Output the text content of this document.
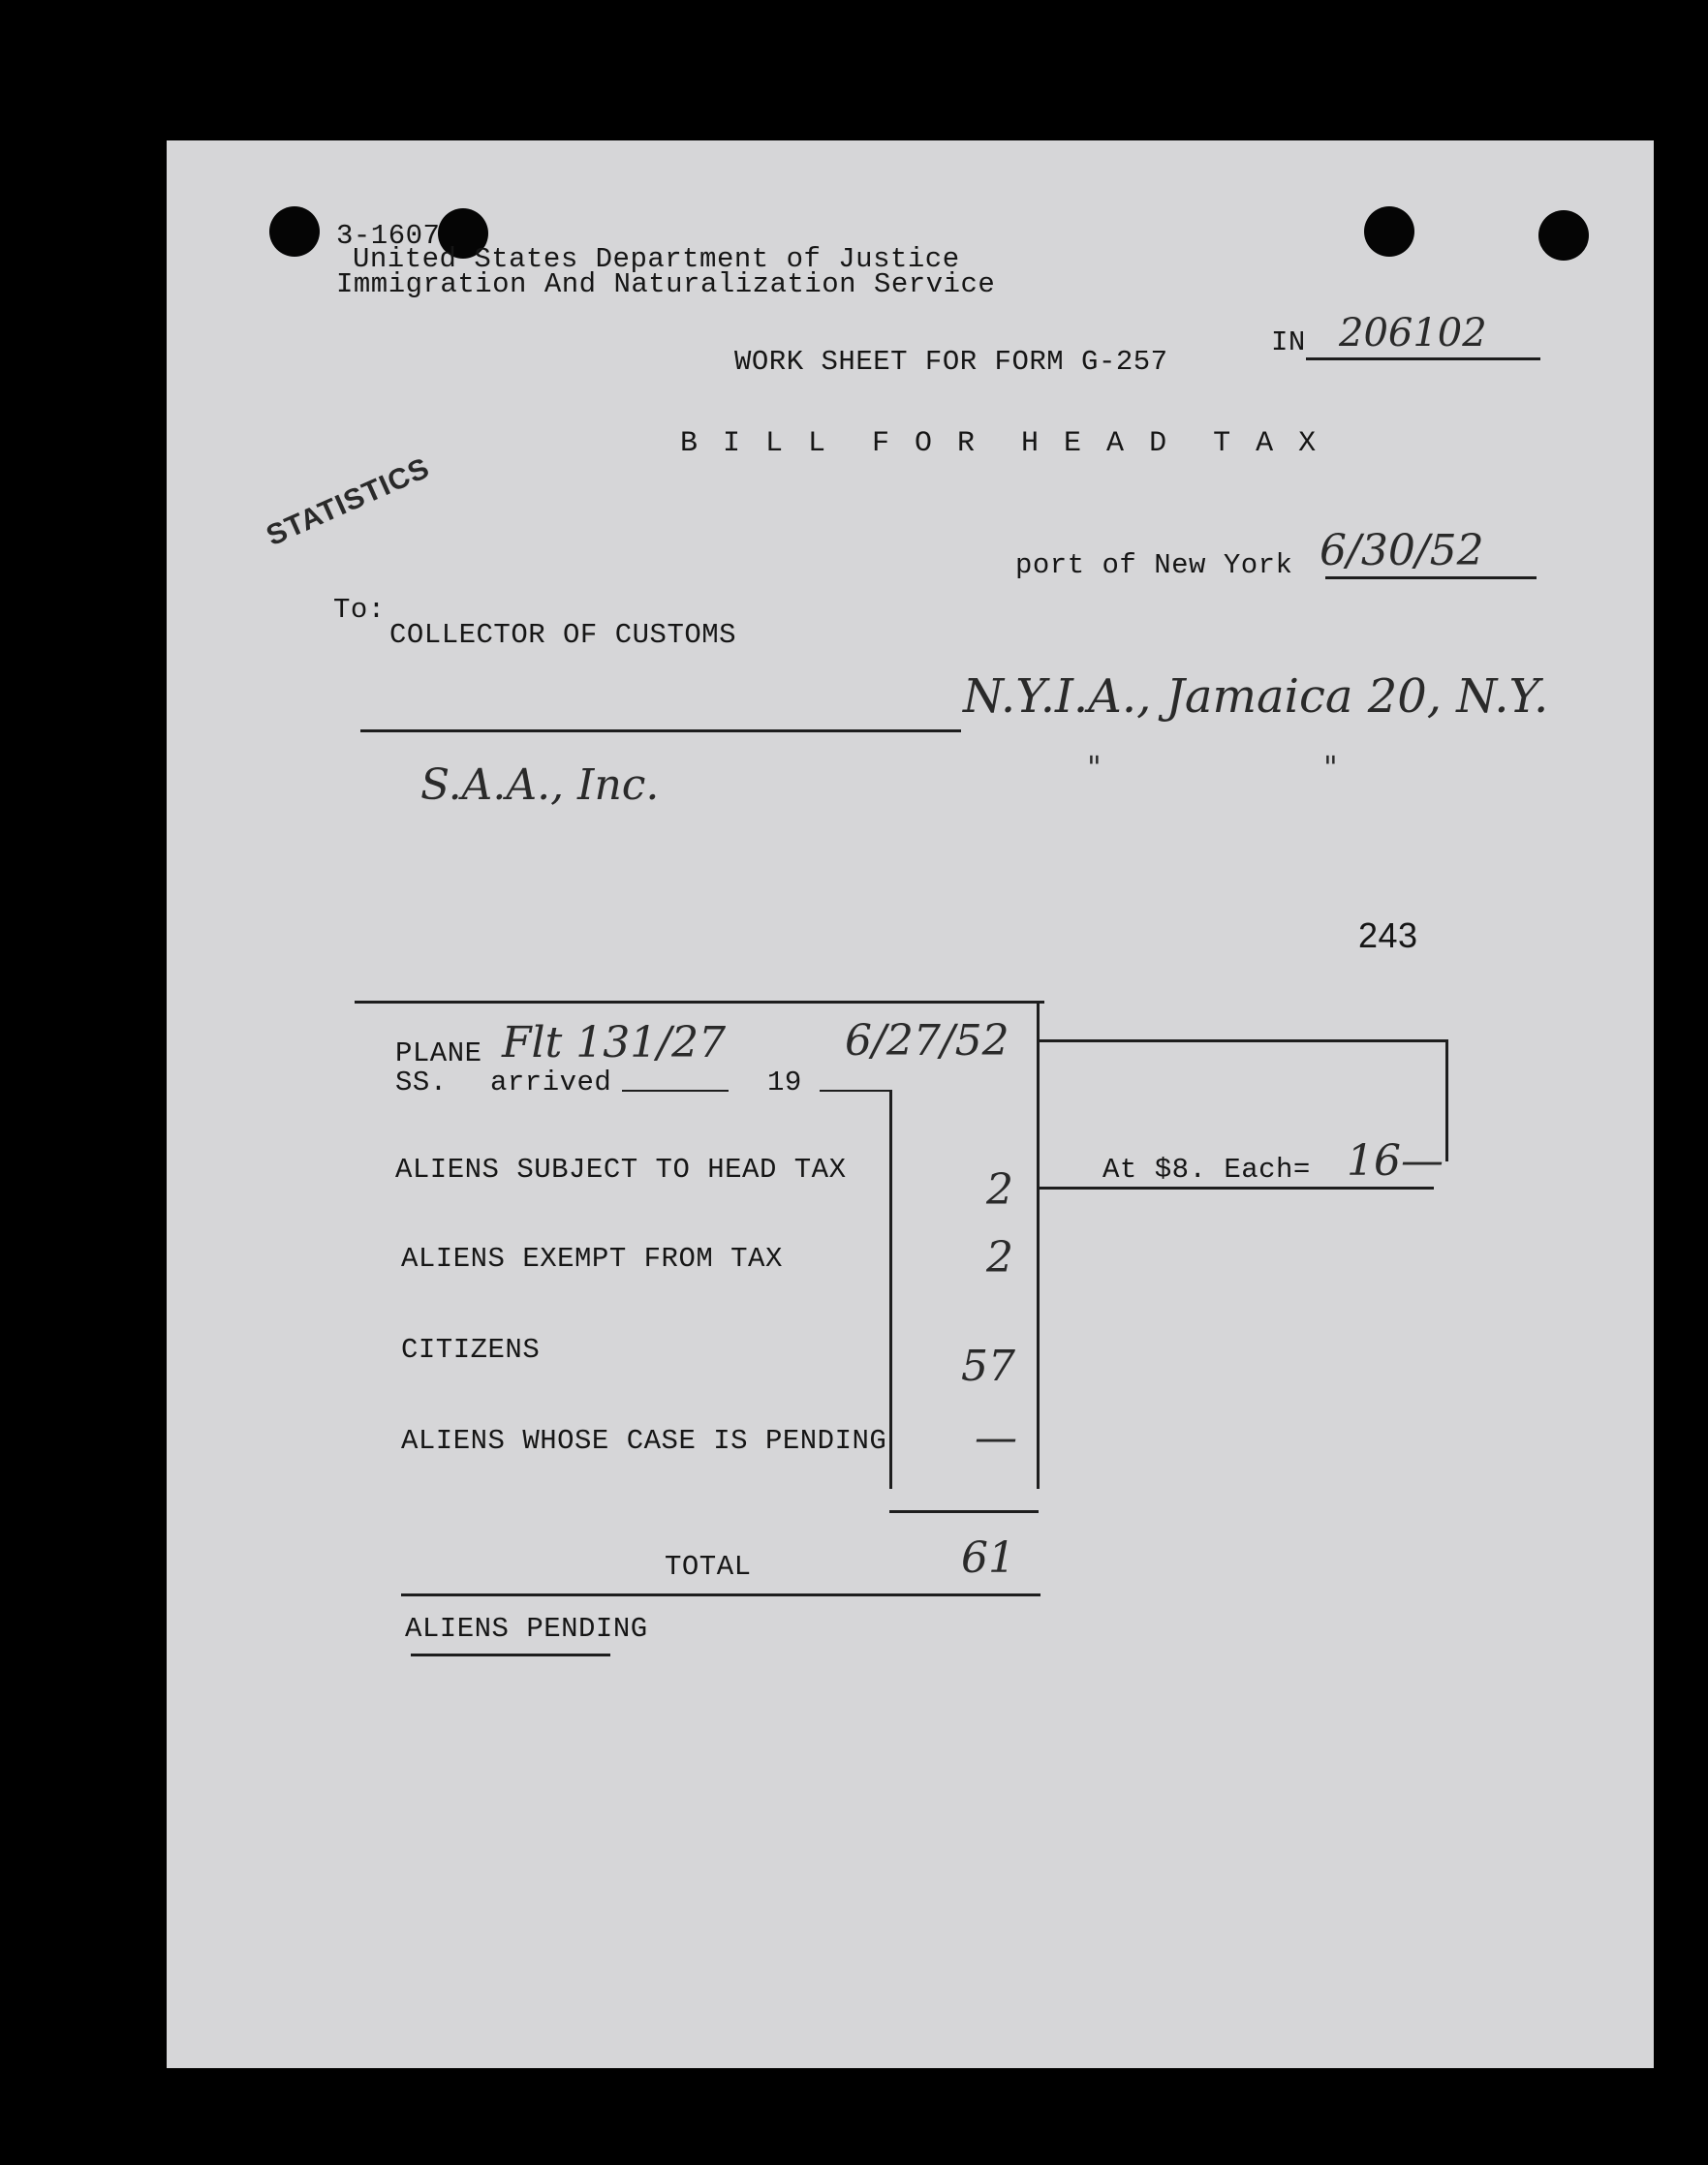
3-1607
United States Department of Justice
Immigration And Naturalization Service
WORK SHEET FOR FORM G-257
IN 206102
B I L L  F O R  H E A D  T A X
STATISTICS
port of New York 6/30/52
To:
COLLECTOR OF CUSTOMS
N.Y.I.A., Jamaica 20, N.Y.
S.A.A., Inc.	"	"
243
PLANE Flt 131/27	6/27/52
SS. arrived	19
At $8. Each= 16—
ALIENS SUBJECT TO HEAD TAX	2
ALIENS EXEMPT FROM TAX	2
CITIZENS	57
ALIENS WHOSE CASE IS PENDING —
TOTAL	61
ALIENS PENDING
